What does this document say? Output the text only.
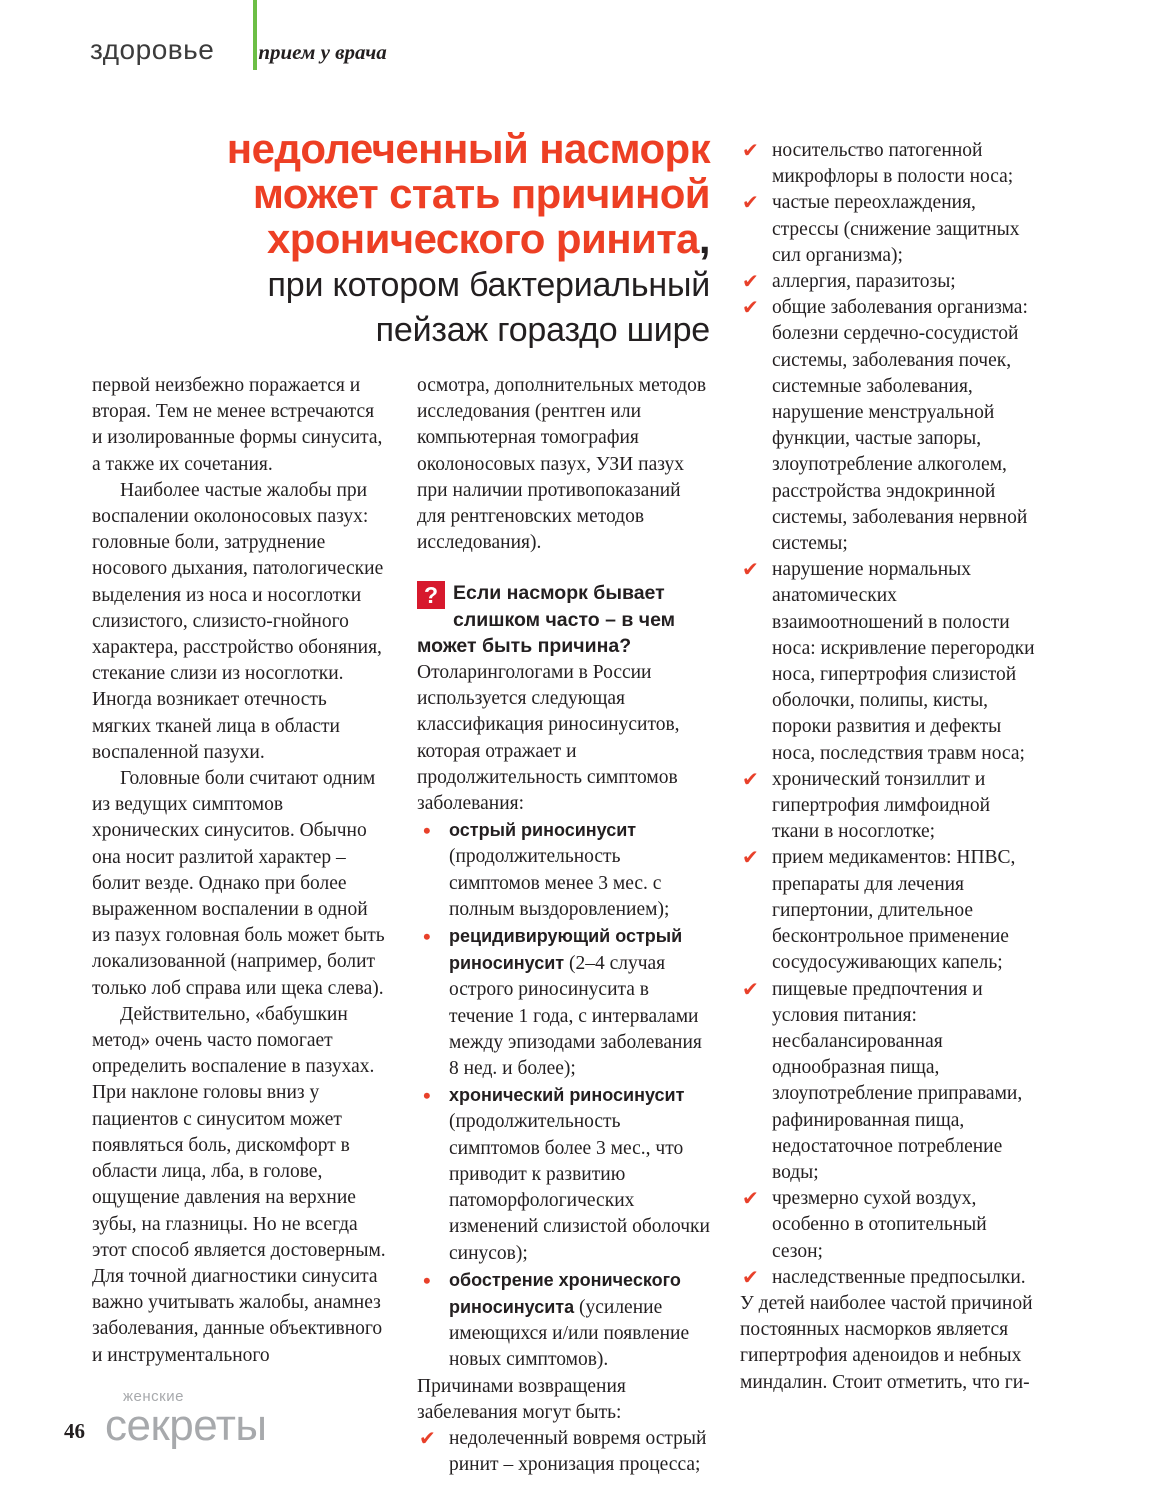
здоровье прием у врача
недолеченный насморк
может стать причиной
хронического ринита,
при котором бактериальный
пейзаж гораздо шире

первой неизбежно поражается и вторая. Тем не менее встречаются и изолированные формы синусита, а также их сочетания.

Наиболее частые жалобы при воспалении околоносовых пазух: головные боли, затруднение носового дыхания, патологические выделения из носа и носоглотки слизистого, слизисто-гнойного характера, расстройство обоняния, стекание слизи из носоглотки. Иногда возникает отечность мягких тканей лица в области воспаленной пазухи.

Головные боли считают одним из ведущих симптомов хронических синуситов. Обычно она носит разлитой характер – болит везде. Однако при более выраженном воспалении в одной из пазух головная боль может быть локализованной (например, болит только лоб справа или щека слева).

Действительно, «бабушкин метод» очень часто помогает определить воспаление в пазухах. При наклоне головы вниз у пациентов с синуситом может появляться боль, дискомфорт в области лица, лба, в голове, ощущение давления на верхние зубы, на глазницы. Но не всегда этот способ является достоверным. Для точной диагностики синусита важно учитывать жалобы, анамнез заболевания, данные объективного и инструментального

осмотра, дополнительных методов исследования (рентген или компьютерная томография околоносовых пазух, УЗИ пазух при наличии противопоказаний для рентгеновских методов исследования).

? Если насморк бывает слишком часто – в чем может быть причина?

Отоларингологами в России используется следующая классификация риносинуситов, которая отражает и продолжительность симптомов заболевания:

• острый риносинусит (продолжительность симптомов менее 3 мес. с полным выздоровлением);
• рецидивирующий острый риносинусит (2–4 случая острого риносинусита в течение 1 года, с интервалами между эпизодами заболевания 8 нед. и более);
• хронический риносинусит (продолжительность симптомов более 3 мес., что приводит к развитию патоморфологических изменений слизистой оболочки синусов);
• обострение хронического риносинусита (усиление имеющихся и/или появление новых симптомов).

Причинами возвращения забелевания могут быть:

✔ недолеченный вовремя острый ринит – хронизация процесса;
✔ носительство патогенной микрофлоры в полости носа;
✔ частые переохлаждения, стрессы (снижение защитных сил организма);
✔ аллергия, паразитозы;
✔ общие заболевания организма: болезни сердечно-сосудистой системы, заболевания почек, системные заболевания, нарушение менструальной функции, частые запоры, злоупотребление алкоголем, расстройства эндокринной системы, заболевания нервной системы;
✔ нарушение нормальных анатомических взаимоотношений в полости носа: искривление перегородки носа, гипертрофия слизистой оболочки, полипы, кисты, пороки развития и дефекты носа, последствия травм носа;
✔ хронический тонзиллит и гипертрофия лимфоидной ткани в носоглотке;
✔ прием медикаментов: НПВС, препараты для лечения гипертонии, длительное бесконтрольное применение сосудосуживающих капель;
✔ пищевые предпочтения и условия питания: несбалансированная однообразная пища, злоупотребление приправами, рафинированная пища, недостаточное потребление воды;
✔ чрезмерно сухой воздух, особенно в отопительный сезон;
✔ наследственные предпосылки.

У детей наиболее частой причиной постоянных насморков является гипертрофия аденоидов и небных миндалин. Стоит отметить, что ги-

46
женские
секреты
